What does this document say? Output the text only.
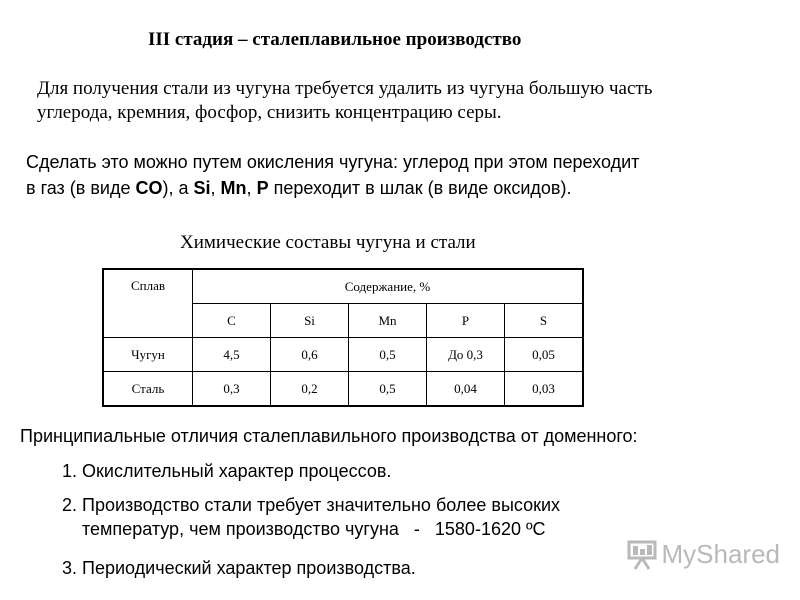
III стадия – сталеплавильное производство
Для получения стали из чугуна требуется удалить из чугуна большую часть
углерода, кремния, фосфор, снизить концентрацию серы.
Сделать это можно путем окисления чугуна: углерод при этом переходит
в газ (в виде CO), а Si, Mn, P переходит в шлак (в виде оксидов).
Химические составы чугуна и стали
Сплав	Содержание, %				
	C	Si	Mn	P	S
Чугун	4,5	0,6	0,5	До 0,3	0,05
Сталь	0,3	0,2	0,5	0,04	0,03
Принципиальные отличия сталеплавильного производства от доменного:
1. Окислительный характер процессов.
2. Производство стали требует значительно более высоких
температур, чем производство чугуна   -   1580-1620 ºС
3. Периодический характер производства.	MyShared
